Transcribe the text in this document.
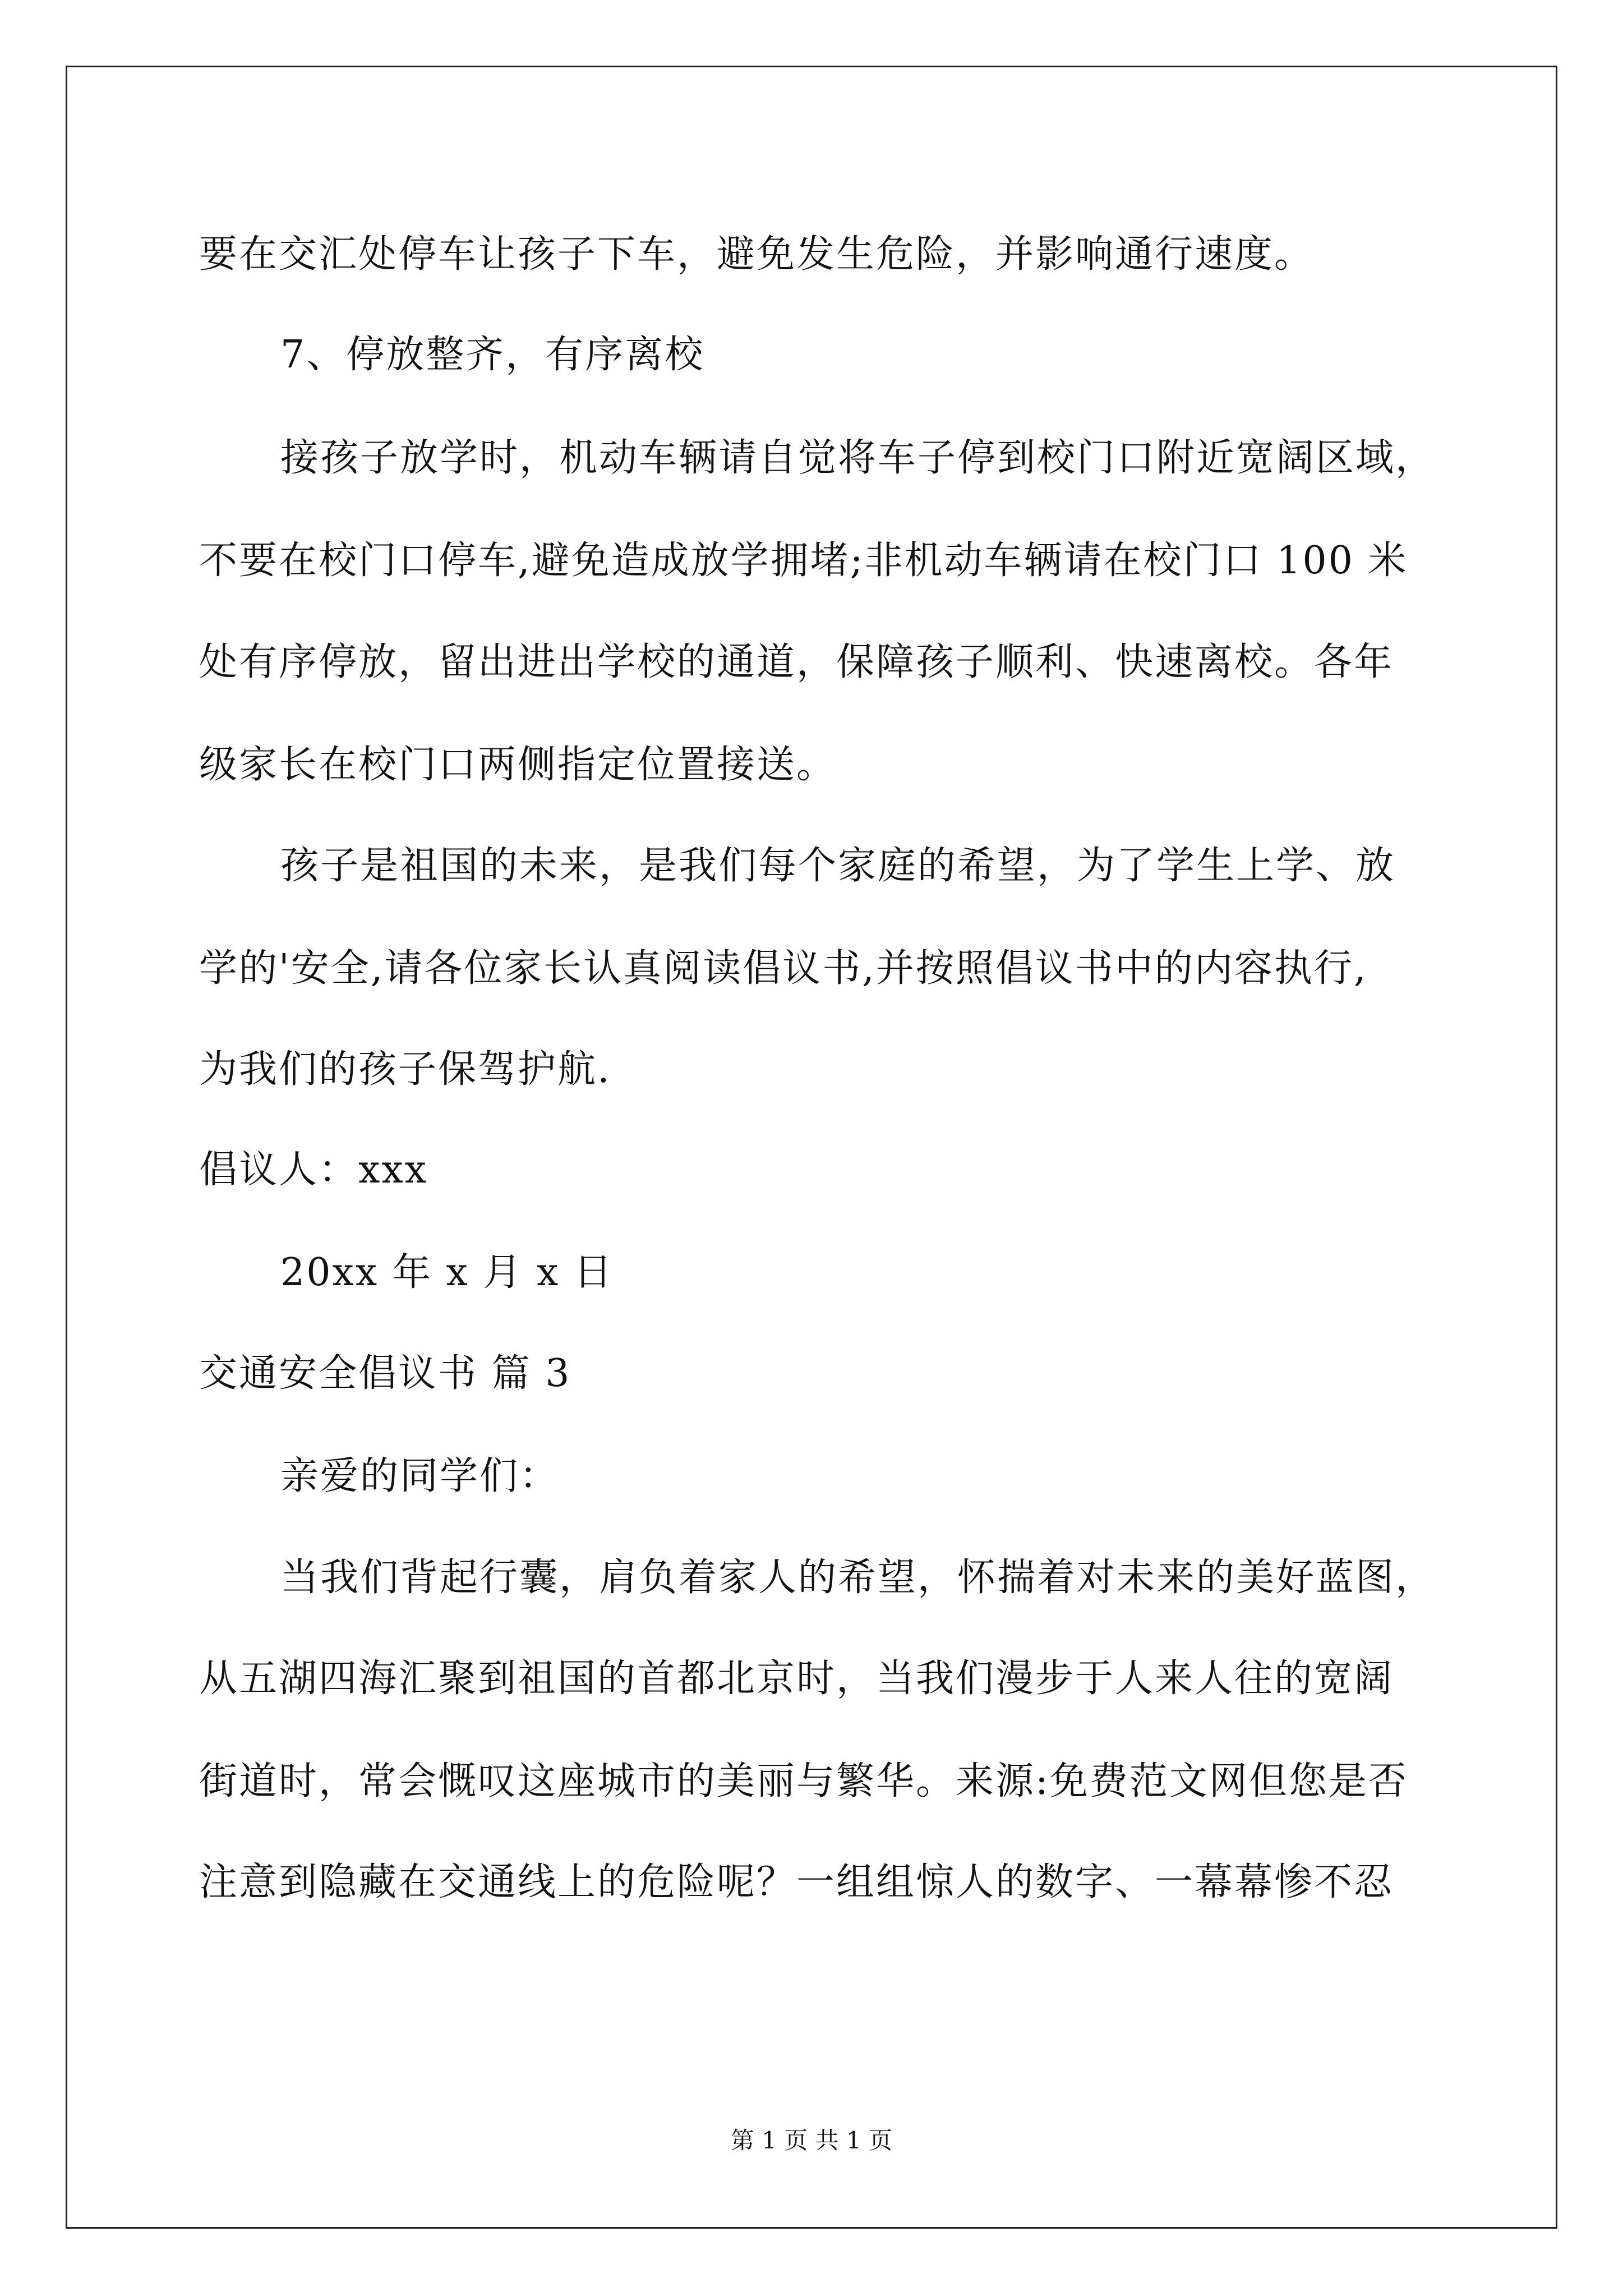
要在交汇处停车让孩子下车，避免发生危险，并影响通行速度。
7、停放整齐，有序离校
接孩子放学时，机动车辆请自觉将车子停到校门口附近宽阔区域，
不要在校门口停车,避免造成放学拥堵;非机动车辆请在校门口 100 米
处有序停放，留出进出学校的通道，保障孩子顺利、快速离校。各年
级家长在校门口两侧指定位置接送。
孩子是祖国的未来，是我们每个家庭的希望，为了学生上学、放
学的'安全,请各位家长认真阅读倡议书,并按照倡议书中的内容执行,
为我们的孩子保驾护航.
倡议人：xxx
20xx 年 x 月 x 日
交通安全倡议书 篇 3
亲爱的同学们：
当我们背起行囊，肩负着家人的希望，怀揣着对未来的美好蓝图，
从五湖四海汇聚到祖国的首都北京时，当我们漫步于人来人往的宽阔
街道时，常会慨叹这座城市的美丽与繁华。来源:免费范文网但您是否
注意到隐藏在交通线上的危险呢？一组组惊人的数字、一幕幕惨不忍
第 1 页 共 1 页
